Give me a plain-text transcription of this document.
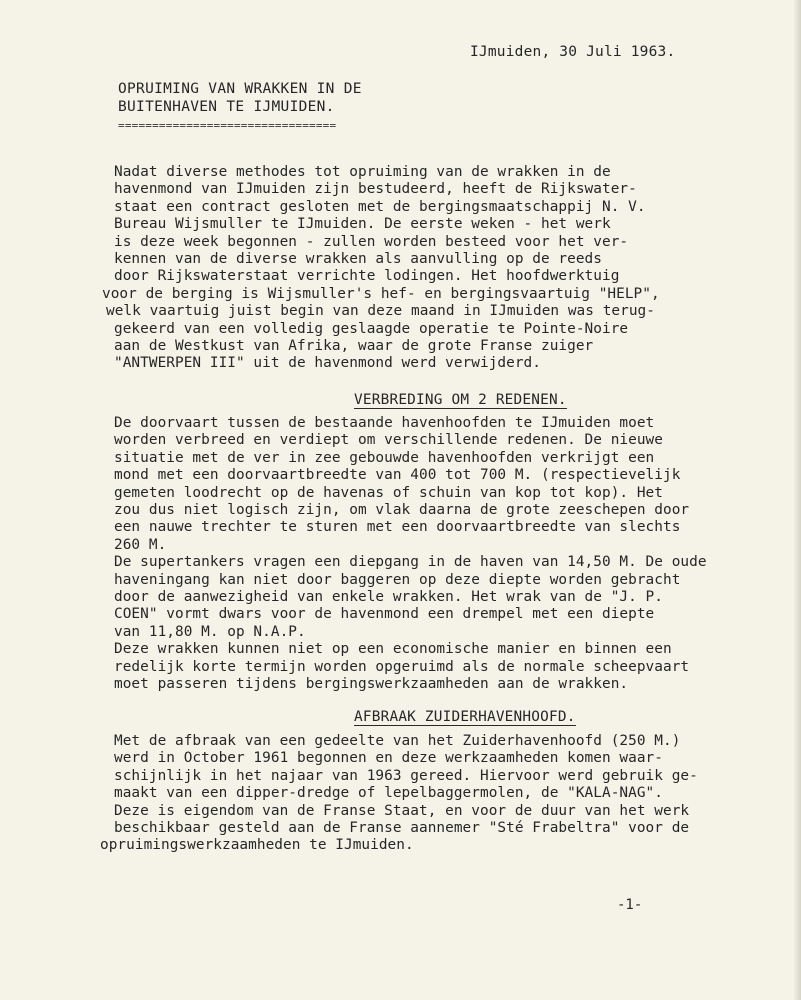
IJmuiden, 30 Juli 1963.
OPRUIMING VAN WRAKKEN IN DE
BUITENHAVEN TE IJMUIDEN.
================================
Nadat diverse methodes tot opruiming van de wrakken in de
havenmond van IJmuiden zijn bestudeerd, heeft de Rijkswater-
staat een contract gesloten met de bergingsmaatschappij N. V.
Bureau Wijsmuller te IJmuiden. De eerste weken - het werk
is deze week begonnen - zullen worden besteed voor het ver-
kennen van de diverse wrakken als aanvulling op de reeds
door Rijkswaterstaat verrichte lodingen. Het hoofdwerktuig
voor de berging is Wijsmuller's hef- en bergingsvaartuig "HELP",
welk vaartuig juist begin van deze maand in IJmuiden was terug-
gekeerd van een volledig geslaagde operatie te Pointe-Noire
aan de Westkust van Afrika, waar de grote Franse zuiger
"ANTWERPEN III" uit de havenmond werd verwijderd.
VERBREDING OM 2 REDENEN.
De doorvaart tussen de bestaande havenhoofden te IJmuiden moet
worden verbreed en verdiept om verschillende redenen. De nieuwe
situatie met de ver in zee gebouwde havenhoofden verkrijgt een
mond met een doorvaartbreedte van 400 tot 700 M. (respectievelijk
gemeten loodrecht op de havenas of schuin van kop tot kop). Het
zou dus niet logisch zijn, om vlak daarna de grote zeeschepen door
een nauwe trechter te sturen met een doorvaartbreedte van slechts
260 M.
De supertankers vragen een diepgang in de haven van 14,50 M. De oude
haveningang kan niet door baggeren op deze diepte worden gebracht
door de aanwezigheid van enkele wrakken. Het wrak van de "J. P.
COEN" vormt dwars voor de havenmond een drempel met een diepte
van 11,80 M. op N.A.P.
Deze wrakken kunnen niet op een economische manier en binnen een
redelijk korte termijn worden opgeruimd als de normale scheepvaart
moet passeren tijdens bergingswerkzaamheden aan de wrakken.
AFBRAAK ZUIDERHAVENHOOFD.
Met de afbraak van een gedeelte van het Zuiderhavenhoofd (250 M.)
werd in October 1961 begonnen en deze werkzaamheden komen waar-
schijnlijk in het najaar van 1963 gereed. Hiervoor werd gebruik ge-
maakt van een dipper-dredge of lepelbaggermolen, de "KALA-NAG".
Deze is eigendom van de Franse Staat, en voor de duur van het werk
beschikbaar gesteld aan de Franse aannemer "Sté Frabeltra" voor de
opruimingswerkzaamheden te IJmuiden.
-1-
